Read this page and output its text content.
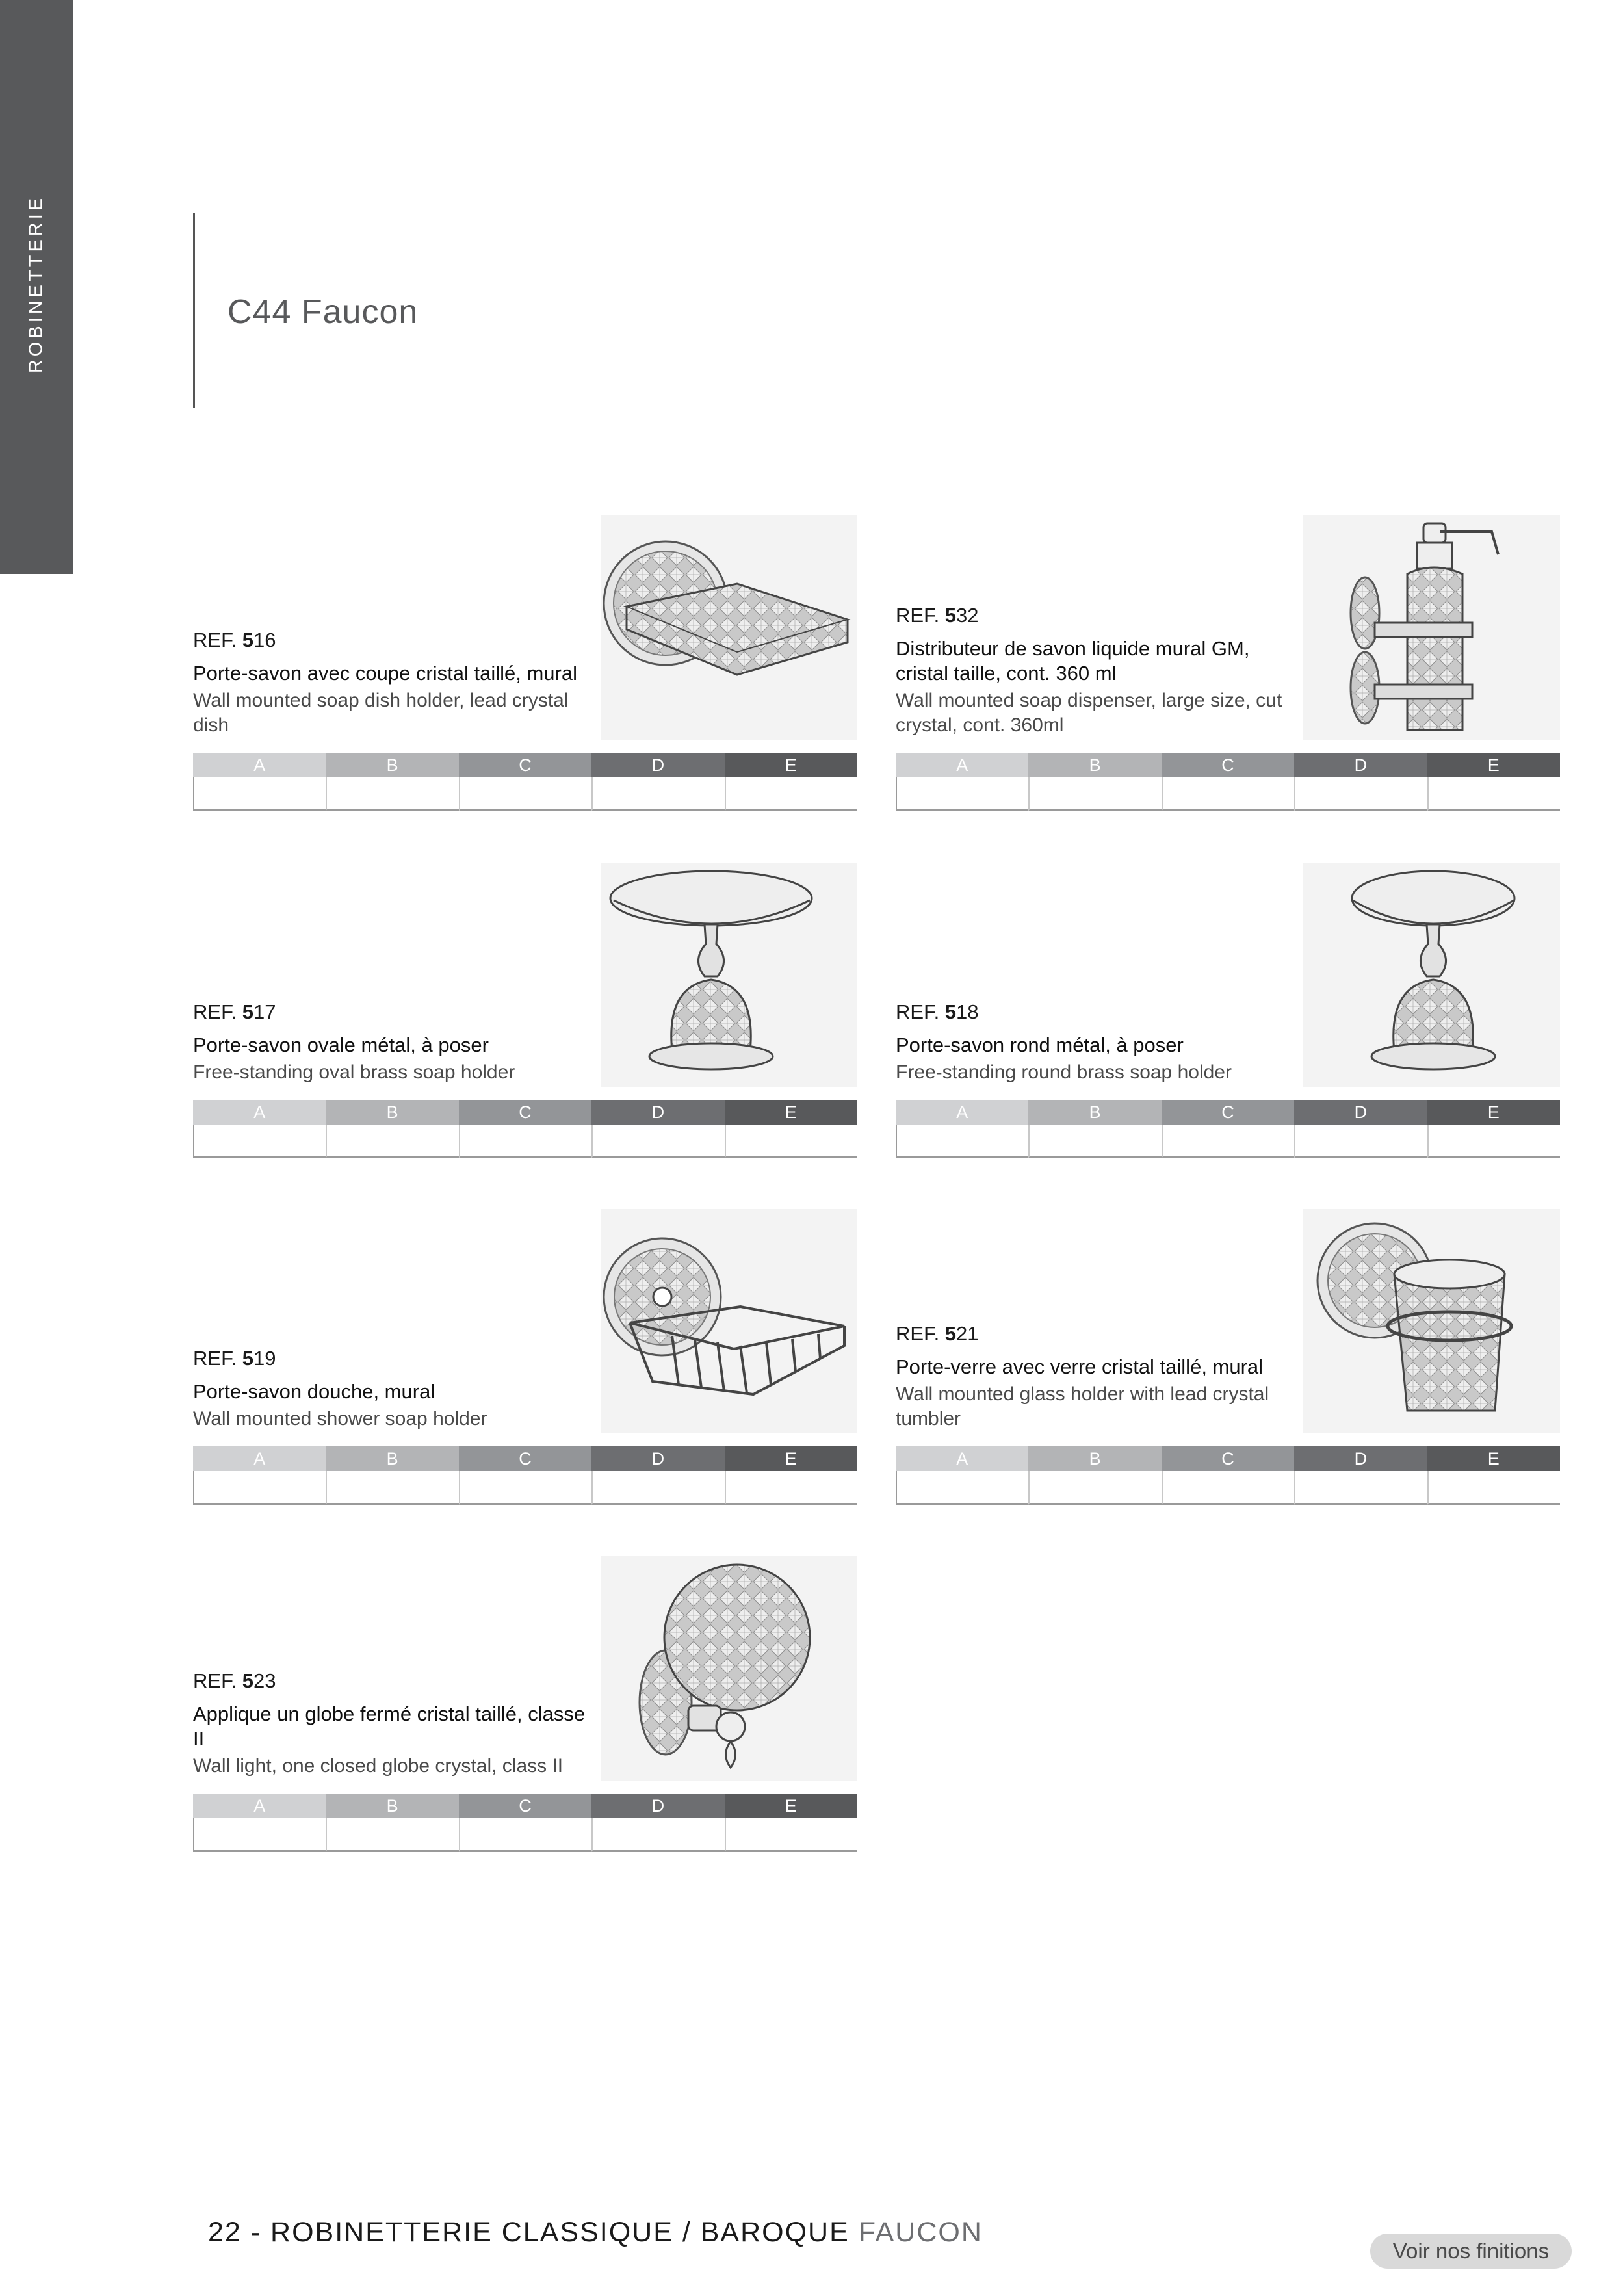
ROBINETTERIE	C44 Faucon
REF. 516
Porte-savon avec coupe cristal taillé, mural
Wall mounted soap dish holder, lead crystal dish
A	B	C	D	E
REF. 532
Distributeur de savon liquide mural GM, cristal taille, cont. 360 ml
Wall mounted soap dispenser, large size, cut crystal, cont. 360ml
A	B	C	D	E
REF. 517
Porte-savon ovale métal, à poser
Free-standing oval brass soap holder
A	B	C	D	E
REF. 518
Porte-savon rond métal, à poser
Free-standing round brass soap holder
A	B	C	D	E
REF. 519
Porte-savon douche, mural
Wall mounted shower soap holder
A	B	C	D	E
REF. 521
Porte-verre avec verre cristal taillé, mural
Wall mounted glass holder with lead crystal tumbler
A	B	C	D	E
REF. 523
Applique un globe fermé cristal taillé, classe II
Wall light, one closed globe crystal, class II
A	B	C	D	E
22 - ROBINETTERIE CLASSIQUE / BAROQUE FAUCON
Voir nos finitions
